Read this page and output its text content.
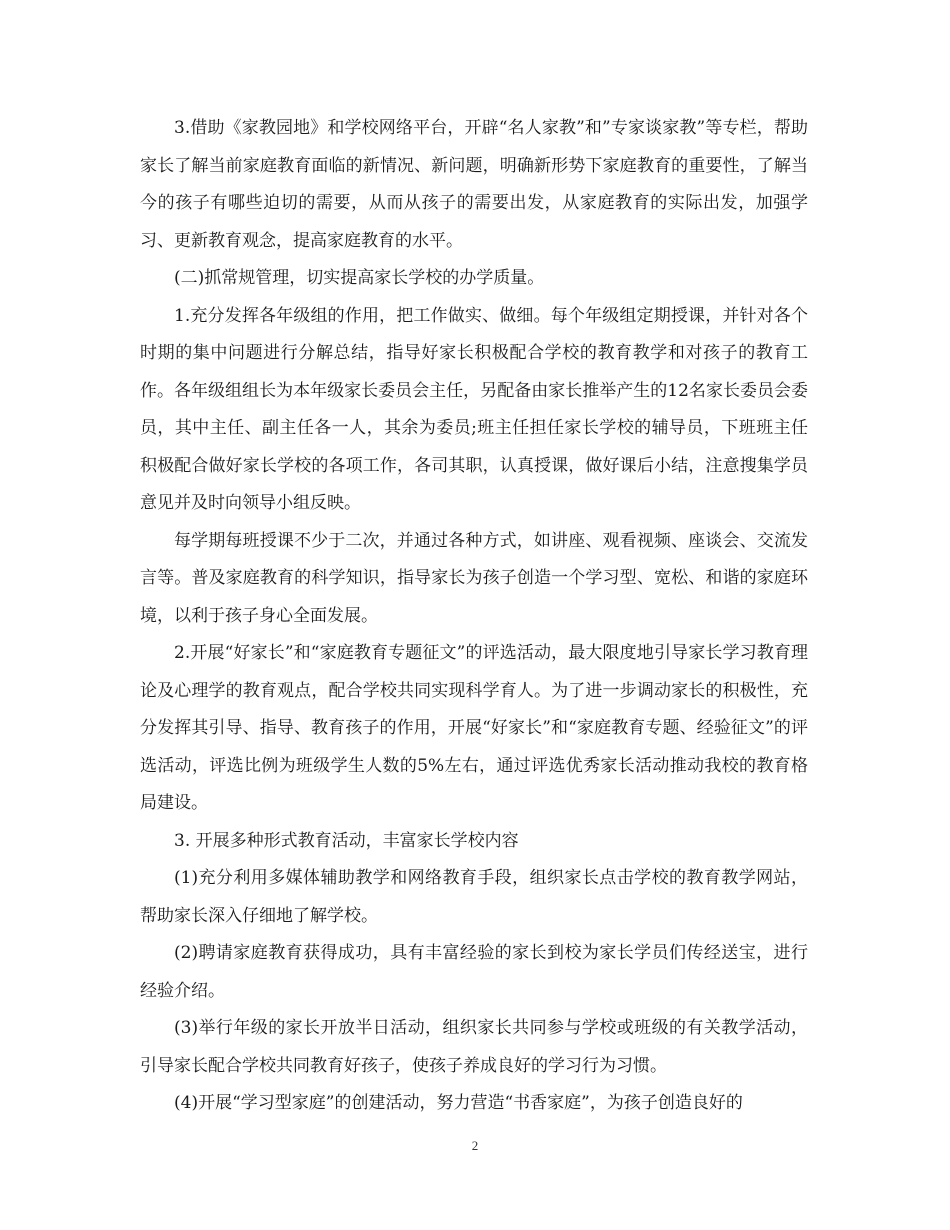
3.借助《家教园地》和学校网络平台，开辟“名人家教”和”专家谈家教”等专栏，帮助家长了解当前家庭教育面临的新情况、新问题，明确新形势下家庭教育的重要性，了解当今的孩子有哪些迫切的需要，从而从孩子的需要出发，从家庭教育的实际出发，加强学习、更新教育观念，提高家庭教育的水平。

(二)抓常规管理，切实提高家长学校的办学质量。

1.充分发挥各年级组的作用，把工作做实、做细。每个年级组定期授课，并针对各个时期的集中问题进行分解总结，指导好家长积极配合学校的教育教学和对孩子的教育工作。各年级组组长为本年级家长委员会主任，另配备由家长推举产生的12名家长委员会委员，其中主任、副主任各一人，其余为委员;班主任担任家长学校的辅导员，下班班主任积极配合做好家长学校的各项工作，各司其职，认真授课，做好课后小结，注意搜集学员意见并及时向领导小组反映。

每学期每班授课不少于二次，并通过各种方式，如讲座、观看视频、座谈会、交流发言等。普及家庭教育的科学知识，指导家长为孩子创造一个学习型、宽松、和谐的家庭环境，以利于孩子身心全面发展。

2.开展“好家长”和“家庭教育专题征文”的评选活动，最大限度地引导家长学习教育理论及心理学的教育观点，配合学校共同实现科学育人。为了进一步调动家长的积极性，充分发挥其引导、指导、教育孩子的作用，开展“好家长”和“家庭教育专题、经验征文”的评选活动，评选比例为班级学生人数的5%左右，通过评选优秀家长活动推动我校的教育格局建设。

3. 开展多种形式教育活动，丰富家长学校内容

(1)充分利用多媒体辅助教学和网络教育手段，组织家长点击学校的教育教学网站，帮助家长深入仔细地了解学校。

(2)聘请家庭教育获得成功，具有丰富经验的家长到校为家长学员们传经送宝，进行经验介绍。

(3)举行年级的家长开放半日活动，组织家长共同参与学校或班级的有关教学活动，引导家长配合学校共同教育好孩子，使孩子养成良好的学习行为习惯。

(4)开展“学习型家庭”的创建活动，努力营造“书香家庭”，为孩子创造良好的

2
